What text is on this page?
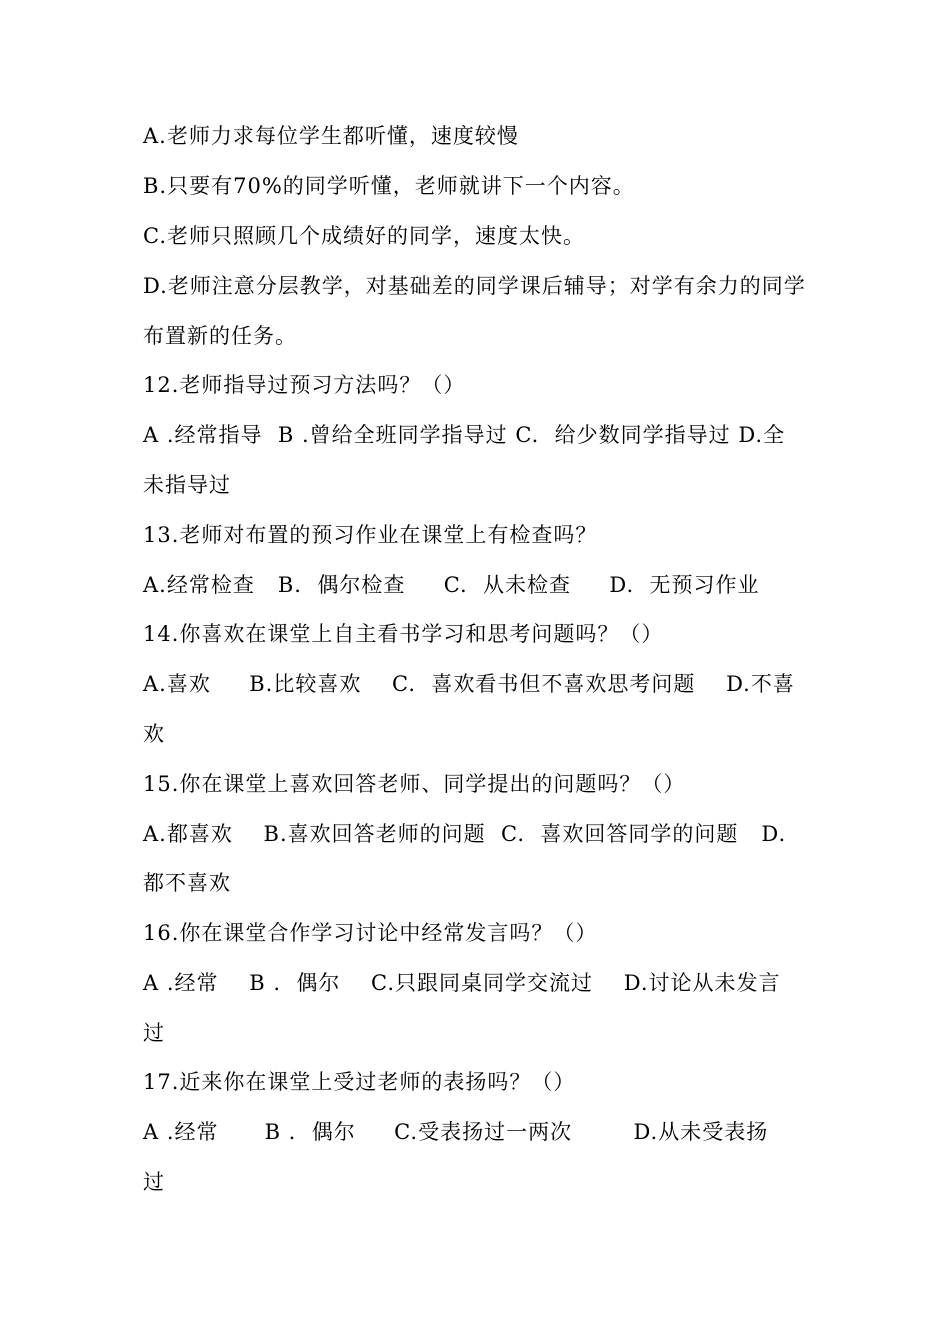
A.老师力求每位学生都听懂，速度较慢
B.只要有70%的同学听懂，老师就讲下一个内容。
C.老师只照顾几个成绩好的同学，速度太快。
D.老师注意分层教学，对基础差的同学课后辅导；对学有余力的同学
布置新的任务。
12.老师指导过预习方法吗？（）
A .经常指导  B .曾给全班同学指导过 C.  给少数同学指导过 D.全
未指导过
13.老师对布置的预习作业在课堂上有检查吗？
A.经常检查   B.  偶尔检查     C.  从未检查     D.  无预习作业
14.你喜欢在课堂上自主看书学习和思考问题吗？（）
A.喜欢     B.比较喜欢    C.  喜欢看书但不喜欢思考问题    D.不喜
欢
15.你在课堂上喜欢回答老师、同学提出的问题吗？（）
A.都喜欢    B.喜欢回答老师的问题  C.  喜欢回答同学的问题   D.
都不喜欢
16.你在课堂合作学习讨论中经常发言吗？（）
A .经常    B .  偶尔    C.只跟同桌同学交流过    D.讨论从未发言
过
17.近来你在课堂上受过老师的表扬吗？（）
A .经常      B .  偶尔     C.受表扬过一两次        D.从未受表扬
过
